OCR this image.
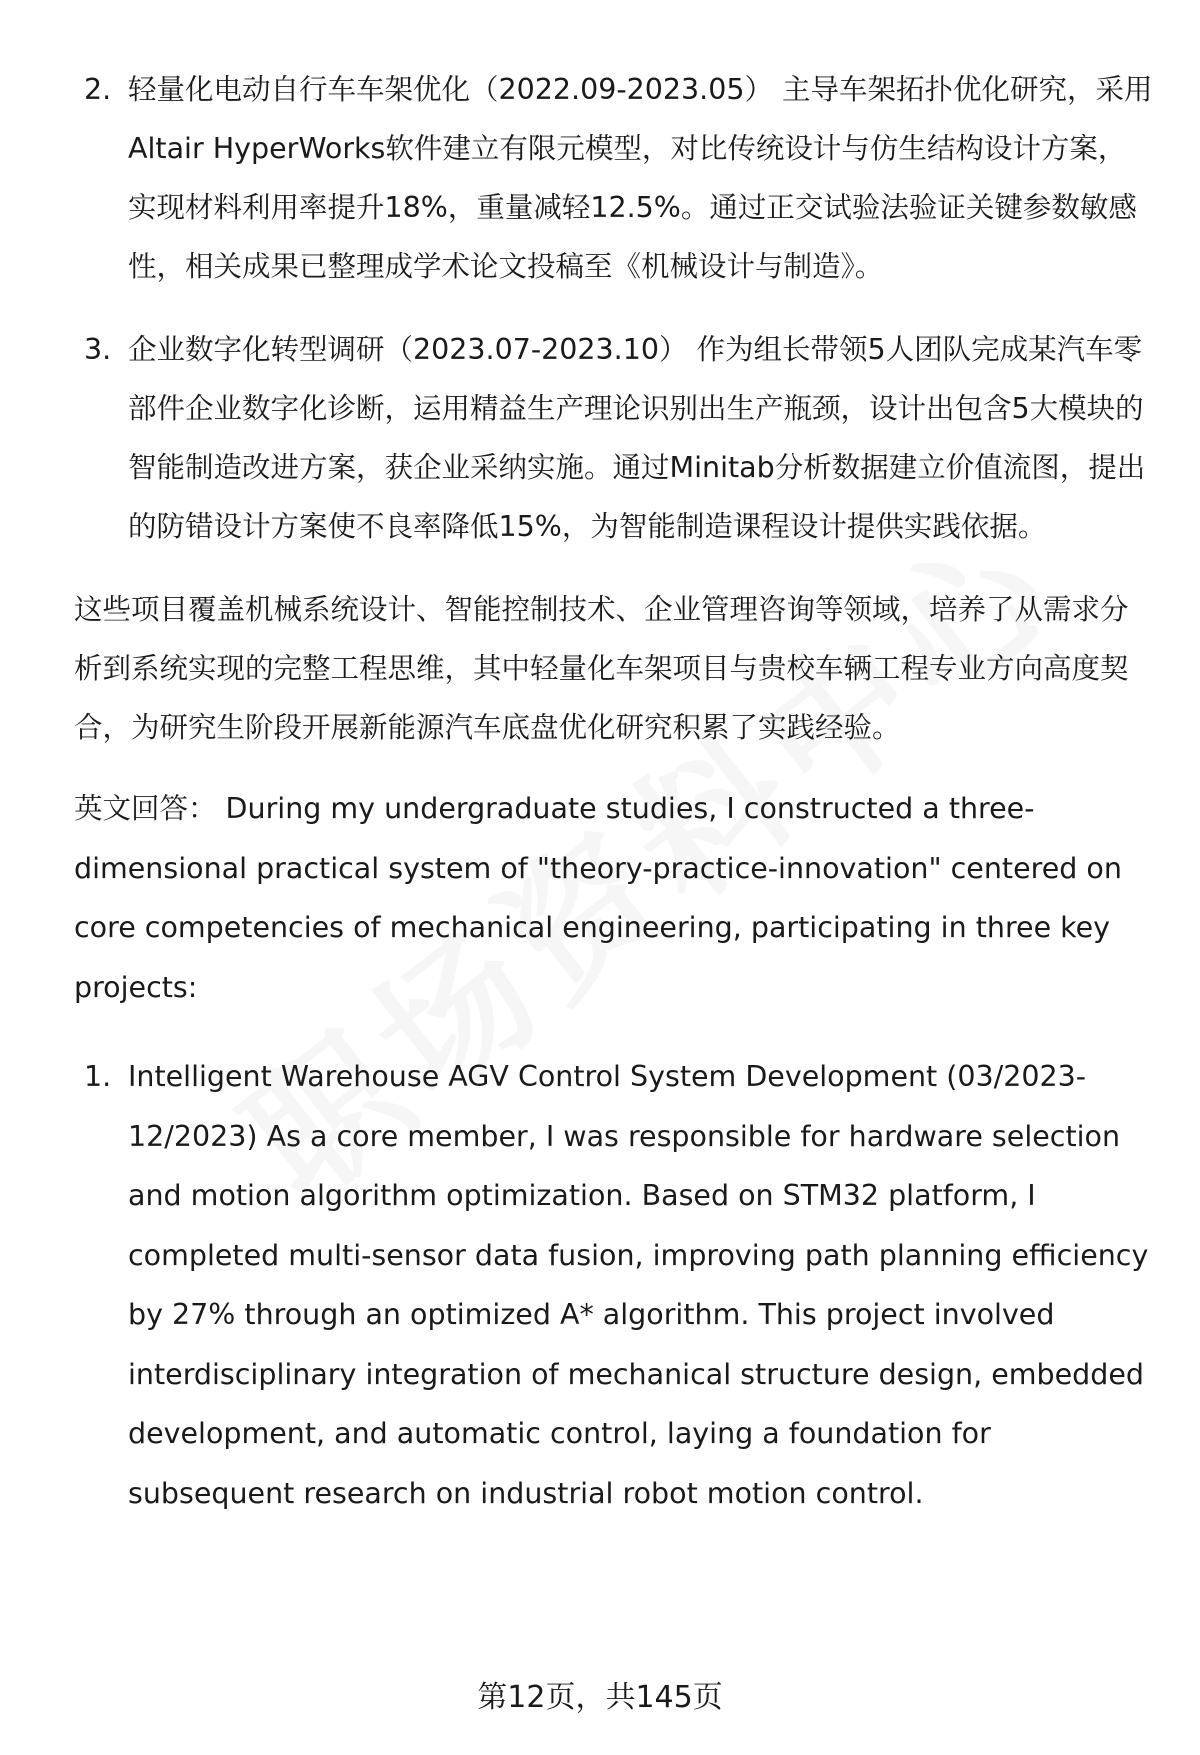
2. 轻量化电动自行车车架优化（2022.09-2023.05） 主导车架拓扑优化研究，采用Altair HyperWorks软件建立有限元模型，对比传统设计与仿生结构设计方案，实现材料利用率提升18%，重量减轻12.5%。通过正交试验法验证关键参数敏感性，相关成果已整理成学术论文投稿至《机械设计与制造》。
3. 企业数字化转型调研（2023.07-2023.10） 作为组长带领5人团队完成某汽车零部件企业数字化诊断，运用精益生产理论识别出生产瓶颈，设计出包含5大模块的智能制造改进方案，获企业采纳实施。通过Minitab分析数据建立价值流图，提出的防错设计方案使不良率降低15%，为智能制造课程设计提供实践依据。
这些项目覆盖机械系统设计、智能控制技术、企业管理咨询等领域，培养了从需求分析到系统实现的完整工程思维，其中轻量化车架项目与贵校车辆工程专业方向高度契合，为研究生阶段开展新能源汽车底盘优化研究积累了实践经验。
英文回答： During my undergraduate studies, I constructed a three-dimensional practical system of "theory-practice-innovation" centered on core competencies of mechanical engineering, participating in three key projects:
1. Intelligent Warehouse AGV Control System Development (03/2023-12/2023) As a core member, I was responsible for hardware selection and motion algorithm optimization. Based on STM32 platform, I completed multi-sensor data fusion, improving path planning efficiency by 27% through an optimized A* algorithm. This project involved interdisciplinary integration of mechanical structure design, embedded development, and automatic control, laying a foundation for subsequent research on industrial robot motion control.
第12页，共145页
